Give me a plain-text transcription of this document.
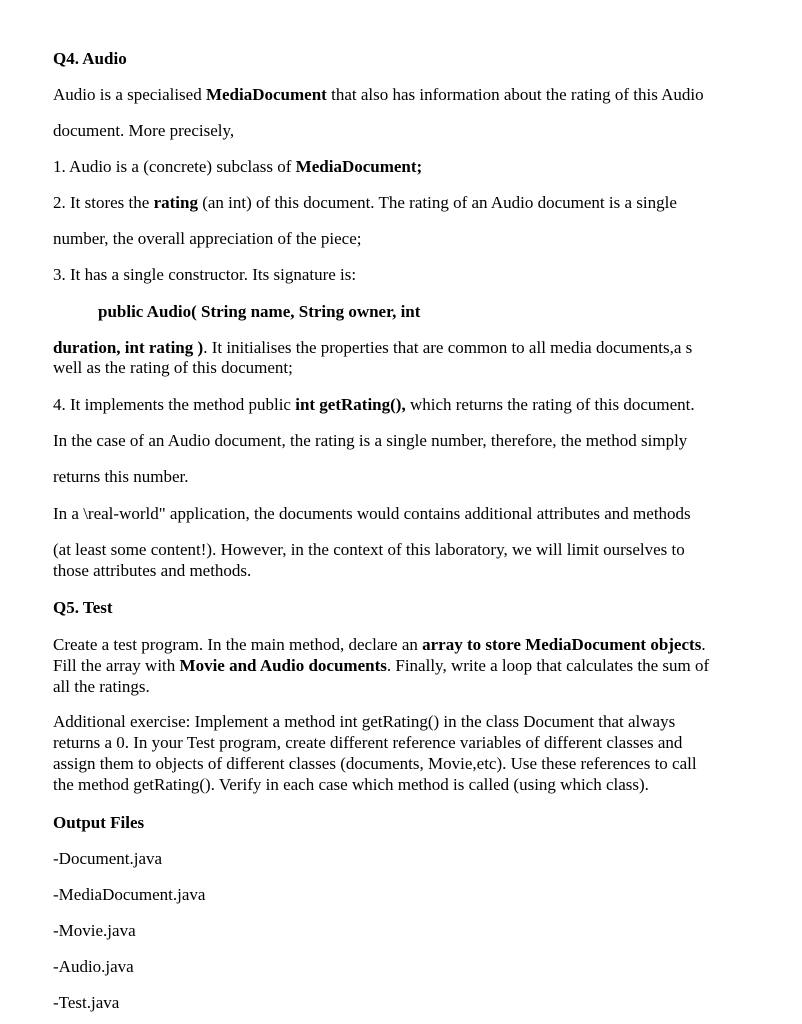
Q4. Audio
Audio is a specialised MediaDocument that also has information about the rating of this Audio
document. More precisely,
1. Audio is a (concrete) subclass of MediaDocument;
2. It stores the rating (an int) of this document. The rating of an Audio document is a single
number, the overall appreciation of the piece;
3. It has a single constructor. Its signature is:
public Audio( String name, String owner, int
duration, int rating ). It initialises the properties that are common to all media documents,a s
well as the rating of this document;
4. It implements the method public int getRating(), which returns the rating of this document.
In the case of an Audio document, the rating is a single number, therefore, the method simply
returns this number.
In a \real-world" application, the documents would contains additional attributes and methods
(at least some content!). However, in the context of this laboratory, we will limit ourselves to
those attributes and methods.
Q5. Test
Create a test program. In the main method, declare an array to store MediaDocument objects.
Fill the array with Movie and Audio documents. Finally, write a loop that calculates the sum of
all the ratings.
Additional exercise: Implement a method int getRating() in the class Document that always
returns a 0. In your Test program, create different reference variables of different classes and
assign them to objects of different classes (documents, Movie,etc). Use these references to call
the method getRating(). Verify in each case which method is called (using which class).
Output Files
-Document.java
-MediaDocument.java
-Movie.java
-Audio.java
-Test.java
